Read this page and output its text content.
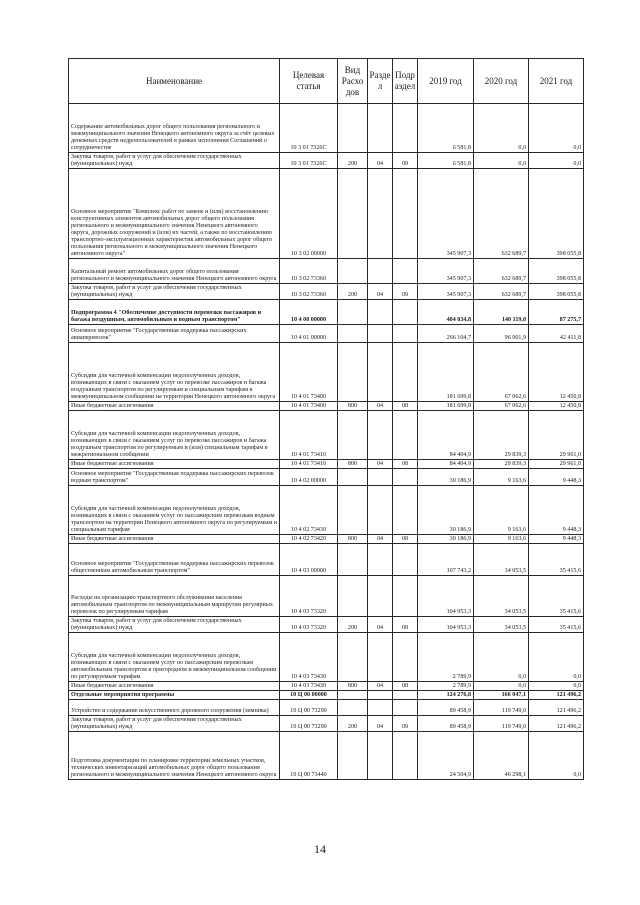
Наименование	Целевая статья	Вид Расхо дов	Разде л	Подр аздел	2019 год	2020 год	2021 год
Содержание автомобильных дорог общего пользования регионального и межмуниципального значения Ненецкого автономного округа за счёт целевых денежных средств недропользователей в рамках исполнения Соглашений о сотрудничестве	10 3 01 7326С				6 581,8	0,0	0,0
Закупка товаров, работ и услуг для обеспечения государственных (муниципальных) нужд	10 3 01 7326С	200	04	09	6 581,8	0,0	0,0
Основное мероприятие "Комплекс работ по замене и (или) восстановлению конструктивных элементов автомобильных дорог общего пользования регионального и межмуниципального значения Ненецкого автономного округа, дорожных сооружений и (или) их частей, а также по восстановлению транспортно-эксплуатационных характеристик автомобильных дорог общего пользования регионального и межмуниципального значения Ненецкого автономного округа"	10 3 02 00000				345 907,3	632 689,7	398 055,8
Капитальный ремонт автомобильных дорог общего пользования регионального и межмуниципального значения Ненецкого автономного округа	10 3 02 73360				345 907,3	632 689,7	398 055,8
Закупка товаров, работ и услуг для обеспечения государственных (муниципальных) нужд	10 3 02 73360	200	04	09	345 907,3	632 689,7	398 055,8
Подпрограмма 4 "Обеспечение доступности перевозки пассажиров и багажа воздушным, автомобильным и водным транспортом"	10 4 00 00000				404 034,8	140 119,0	87 275,7
Основное мероприятие "Государственная поддержка пассажирских авиаперевозок"	10 4 01 00000				266 104,7	96 901,9	42 411,8
Субсидии для частичной компенсации недополученных доходов, возникающих в связи с оказанием услуг по перевозке пассажиров и багажа воздушным транспортом по регулируемым и специальным тарифам в межмуниципальном сообщении на территории Ненецкого автономного округа	10 4 01 73400				181 699,8	67 062,6	12 450,8
Иные бюджетные ассигнования	10 4 01 73400	800	04	08	181 699,8	67 062,6	12 450,8
Субсидии для частичной компенсации недополученных доходов, возникающих в связи с оказанием услуг по перевозке пассажиров и багажа воздушным транспортом по регулируемым и (или) специальным тарифам в межрегиональном сообщении	10 4 01 73410				84 404,9	29 839,3	29 961,0
Иные бюджетные ассигнования	10 4 01 73410	800	04	08	84 404,9	29 839,3	29 961,0
Основное мероприятие "Государственная поддержка пассажирских перевозок водным транспортом"	10 4 02 00000				30 186,9	9 163,6	9 448,3
Субсидии для частичной компенсации недополученных доходов, возникающих в связи с оказанием услуг по пассажирским перевозкам водным транспортом на территории Ненецкого автономного округа по регулируемым и специальным тарифам	10 4 02 73430				30 186,9	9 163,6	9 448,3
Иные бюджетные ассигнования	10 4 02 73420	800	04	08	30 186,9	9 163,6	9 448,3
Основное мероприятие "Государственная поддержка пассажирских перевозок общественным автомобильным транспортом"	10 4 03 00000				107 743,2	34 053,5	35 415,6
Расходы на организацию транспортного обслуживания населения автомобильным транспортом по межмуниципальным маршрутам регулярных перевозок по регулируемым тарифам	10 4 03 73320				104 953,3	34 053,5	35 415,6
Закупка товаров, работ и услуг для обеспечения государственных (муниципальных) нужд	10 4 03 73320	200	04	08	104 953,3	34 053,5	35 415,6
Субсидии для частичной компенсации недополученных доходов, возникающих в связи с оказанием услуг по пассажирским перевозкам автомобильным транспортом в пригородном и межмуниципальном сообщении по регулируемым тарифам	10 4 03 73430				2 789,9	0,0	0,0
Иные бюджетные ассигнования	10 4 03 73430	800	04	08	2 789,9	0,0	0,0
Отдельные мероприятия программы	10 Ц 00 00000				124 276,8	166 047,1	121 496,2
Устройство и содержание искусственного дорожного сооружения (зимника)	10 Ц 00 73290				89 458,9	119 749,0	121 496,2
Закупка товаров, работ и услуг для обеспечения государственных (муниципальных) нужд	10 Ц 00 73290	200	04	09	89 458,9	119 749,0	121 496,2
Подготовка документации по планировке территории земельных участков, технических инвентаризаций автомобильных дорог общего пользования регионального и межмуниципального значения Ненецкого автономного округа	10 Ц 00 73440				24 504,9	46 298,1	0,0
14
